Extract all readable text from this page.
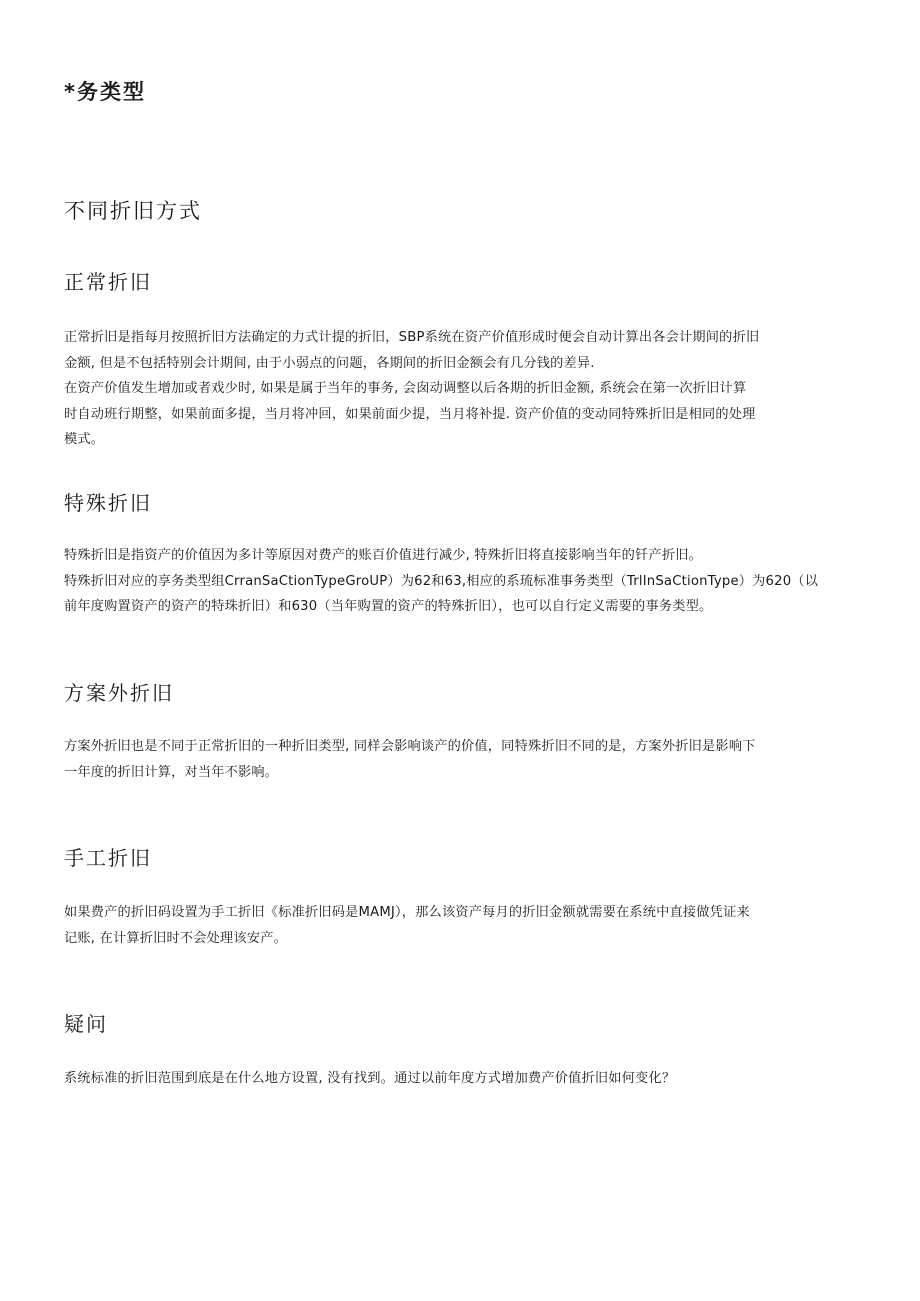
*务类型
不同折旧方式
正常折旧
正常折旧是指每月按照折旧方法确定的力式计提的折旧，SBP系统在资产价值形成时便会自动计算出各会计期间的折旧
金额, 但是不包括特别会计期间, 由于小弱点的问题，各期间的折旧金额会有几分钱的差异.
在资产价值发生增加或者戏少时, 如果是属于当年的事务, 会囱动调整以后各期的折旧金额, 系统会在第一次折旧计算
时自动班行期整，如果前面多提，当月将冲回，如果前面少提，当月将补提. 资产价值的变动同特殊折旧是相同的处理
模式。
特殊折旧
特殊折旧是指资产的价值因为多计等原因对费产的账百价值进行减少, 特殊折旧将直接影响当年的钎产折旧。
特殊折旧对应的享务类型组CrranSaCtionTypeGroUP）为62和63,相应的系琉标准事务类型（TrlInSaCtionType）为620（以
前年度购置资产的资产的特珠折旧）和630（当年购置的资产的特殊折旧），也可以自行定义需要的事务类型。
方案外折旧
方案外折旧也是不同于正常折旧的一种折旧类型, 同样会影响谈产的价值，同特殊折旧不同的是，方案外折旧是影响下
一年度的折旧计算，对当年不影响。
手工折旧
如果费产的折旧码设置为手工折旧《标准折旧码是MAMJ），那么该资产每月的折旧金额就需要在系统中直接做凭证来
记账, 在计算折旧时不会处理该安产。
疑问
系统标准的折旧范围到底是在什么地方设置, 没有找到。通过以前年度方式增加费产价值折旧如何变化？
